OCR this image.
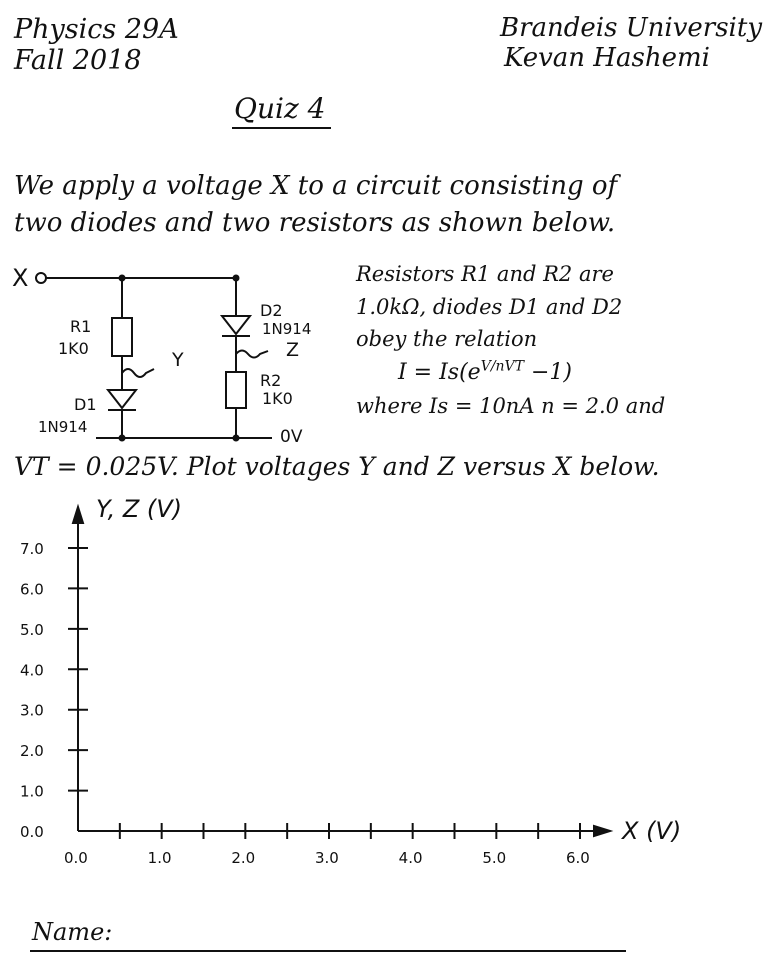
Physics 29A
Fall 2018
Brandeis University
Kevan Hashemi
Quiz 4
We apply a voltage X to a circuit consisting of
two diodes and two resistors as shown below.
X
R1
1K0
Y
D1
1N914
D2
1N914
Z
R2
1K0
0V
Resistors R1 and R2 are
1.0kΩ, diodes D1 and D2
obey the relation
$I = Is(e^{V/nVT} -1)$
where Is = 10nA n = 2.0 and
VT = 0.025V. Plot voltages Y and Z versus X below.
0.0
1.0
2.0
3.0
4.0
5.0
6.0
7.0
0.0	1.0	2.0	3.0	4.0	5.0	6.0
X (V)
Y, Z (V)
Name:
